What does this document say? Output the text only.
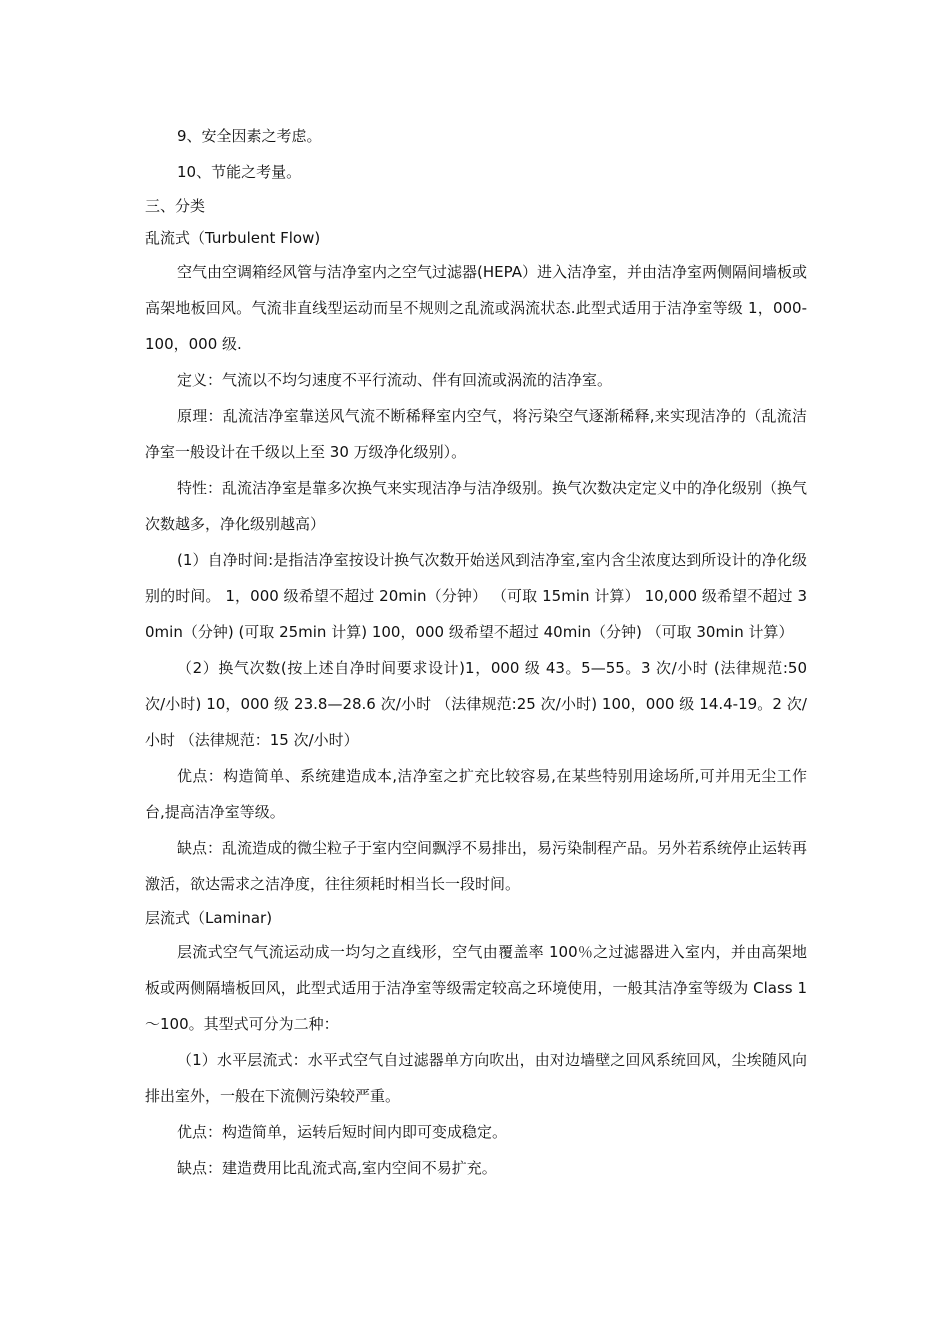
9、安全因素之考虑。

10、节能之考量。

三、分类

乱流式（Turbulent Flow)

空气由空调箱经风管与洁净室内之空气过滤器(HEPA）进入洁净室，并由洁净室两侧隔间墙板或高架地板回风。气流非直线型运动而呈不规则之乱流或涡流状态.此型式适用于洁净室等级 1，000-100，000 级.

定义：气流以不均匀速度不平行流动、伴有回流或涡流的洁净室。

原理：乱流洁净室靠送风气流不断稀释室内空气，将污染空气逐渐稀释,来实现洁净的（乱流洁净室一般设计在千级以上至 30 万级净化级别）。

特性：乱流洁净室是靠多次换气来实现洁净与洁净级别。换气次数决定定义中的净化级别（换气次数越多，净化级别越高）

(1）自净时间:是指洁净室按设计换气次数开始送风到洁净室,室内含尘浓度达到所设计的净化级别的时间。 1，000 级希望不超过 20min（分钟） （可取 15min 计算） 10,000 级希望不超过 30min（分钟) (可取 25min 计算) 100，000 级希望不超过 40min（分钟) （可取 30min 计算）

（2）换气次数(按上述自净时间要求设计)1，000 级 43。5—55。3 次/小时 (法律规范:50 次/小时) 10，000 级 23.8—28.6 次/小时 （法律规范:25 次/小时) 100，000 级 14.4-19。2 次/小时 （法律规范：15 次/小时）

优点：构造简单、系统建造成本,洁净室之扩充比较容易,在某些特别用途场所,可并用无尘工作台,提高洁净室等级。

缺点：乱流造成的微尘粒子于室内空间飘浮不易排出，易污染制程产品。另外若系统停止运转再激活，欲达需求之洁净度，往往须耗时相当长一段时间。

层流式（Laminar)

层流式空气气流运动成一均匀之直线形，空气由覆盖率 100％之过滤器进入室内，并由高架地板或两侧隔墙板回风，此型式适用于洁净室等级需定较高之环境使用，一般其洁净室等级为 Class 1～100。其型式可分为二种：

（1）水平层流式：水平式空气自过滤器单方向吹出，由对边墙壁之回风系统回风，尘埃随风向排出室外，一般在下流侧污染较严重。

优点：构造简单，运转后短时间内即可变成稳定。

缺点：建造费用比乱流式高,室内空间不易扩充。
